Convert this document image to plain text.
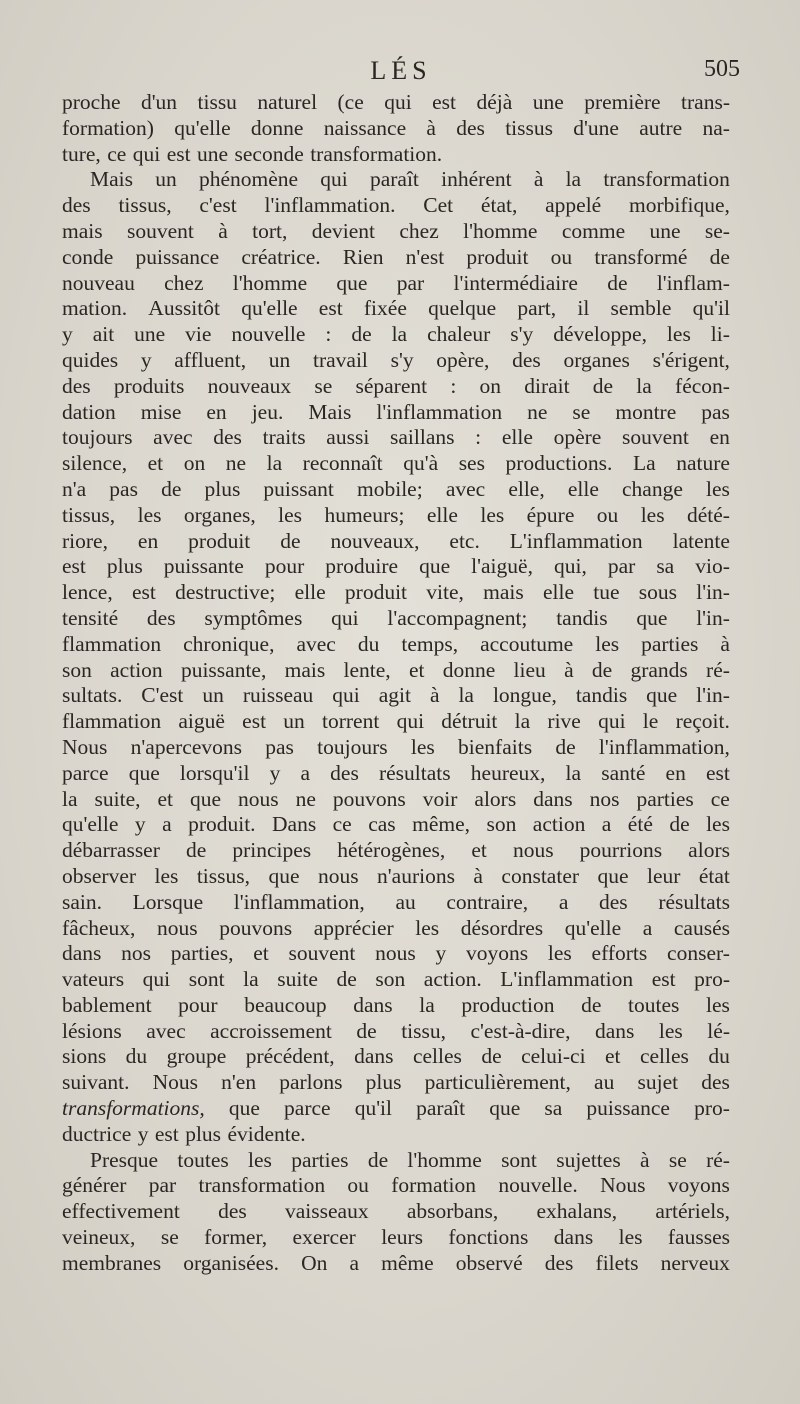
LÉS	505
proche d'un tissu naturel (ce qui est déjà une première trans-
formation) qu'elle donne naissance à des tissus d'une autre na-
ture, ce qui est une seconde transformation.
Mais un phénomène qui paraît inhérent à la transformation
des tissus, c'est l'inflammation. Cet état, appelé morbifique,
mais souvent à tort, devient chez l'homme comme une se-
conde puissance créatrice. Rien n'est produit ou transformé de
nouveau chez l'homme que par l'intermédiaire de l'inflam-
mation. Aussitôt qu'elle est fixée quelque part, il semble qu'il
y ait une vie nouvelle : de la chaleur s'y développe, les li-
quides y affluent, un travail s'y opère, des organes s'érigent,
des produits nouveaux se séparent : on dirait de la fécon-
dation mise en jeu. Mais l'inflammation ne se montre pas
toujours avec des traits aussi saillans : elle opère souvent en
silence, et on ne la reconnaît qu'à ses productions. La nature
n'a pas de plus puissant mobile; avec elle, elle change les
tissus, les organes, les humeurs; elle les épure ou les dété-
riore, en produit de nouveaux, etc. L'inflammation latente
est plus puissante pour produire que l'aiguë, qui, par sa vio-
lence, est destructive; elle produit vite, mais elle tue sous l'in-
tensité des symptômes qui l'accompagnent; tandis que l'in-
flammation chronique, avec du temps, accoutume les parties à
son action puissante, mais lente, et donne lieu à de grands ré-
sultats. C'est un ruisseau qui agit à la longue, tandis que l'in-
flammation aiguë est un torrent qui détruit la rive qui le reçoit.
Nous n'apercevons pas toujours les bienfaits de l'inflammation,
parce que lorsqu'il y a des résultats heureux, la santé en est
la suite, et que nous ne pouvons voir alors dans nos parties ce
qu'elle y a produit. Dans ce cas même, son action a été de les
débarrasser de principes hétérogènes, et nous pourrions alors
observer les tissus, que nous n'aurions à constater que leur état
sain. Lorsque l'inflammation, au contraire, a des résultats
fâcheux, nous pouvons apprécier les désordres qu'elle a causés
dans nos parties, et souvent nous y voyons les efforts conser-
vateurs qui sont la suite de son action. L'inflammation est pro-
bablement pour beaucoup dans la production de toutes les
lésions avec accroissement de tissu, c'est-à-dire, dans les lé-
sions du groupe précédent, dans celles de celui-ci et celles du
suivant. Nous n'en parlons plus particulièrement, au sujet des
transformations, que parce qu'il paraît que sa puissance pro-
ductrice y est plus évidente.
Presque toutes les parties de l'homme sont sujettes à se ré-
générer par transformation ou formation nouvelle. Nous voyons
effectivement des vaisseaux absorbans, exhalans, artériels,
veineux, se former, exercer leurs fonctions dans les fausses
membranes organisées. On a même observé des filets nerveux
